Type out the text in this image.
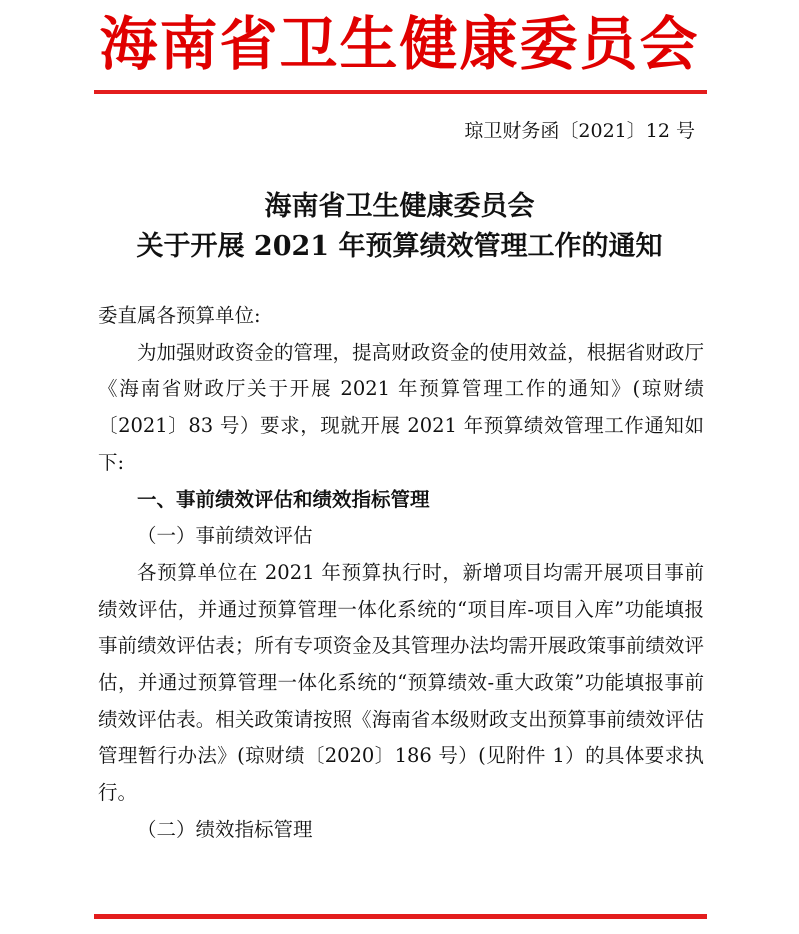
海南省卫生健康委员会
琼卫财务函〔2021〕12 号
海南省卫生健康委员会
关于开展 2021 年预算绩效管理工作的通知

委直属各预算单位:

为加强财政资金的管理，提高财政资金的使用效益，根据省财政厅《海南省财政厅关于开展 2021 年预算管理工作的通知》(琼财绩〔2021〕83 号）要求，现就开展 2021 年预算绩效管理工作通知如下:

一、事前绩效评估和绩效指标管理

（一）事前绩效评估

各预算单位在 2021 年预算执行时，新增项目均需开展项目事前绩效评估，并通过预算管理一体化系统的“项目库-项目入库”功能填报事前绩效评估表；所有专项资金及其管理办法均需开展政策事前绩效评估，并通过预算管理一体化系统的“预算绩效-重大政策”功能填报事前绩效评估表。相关政策请按照《海南省本级财政支出预算事前绩效评估管理暂行办法》(琼财绩〔2020〕186 号）(见附件 1）的具体要求执行。

（二）绩效指标管理
